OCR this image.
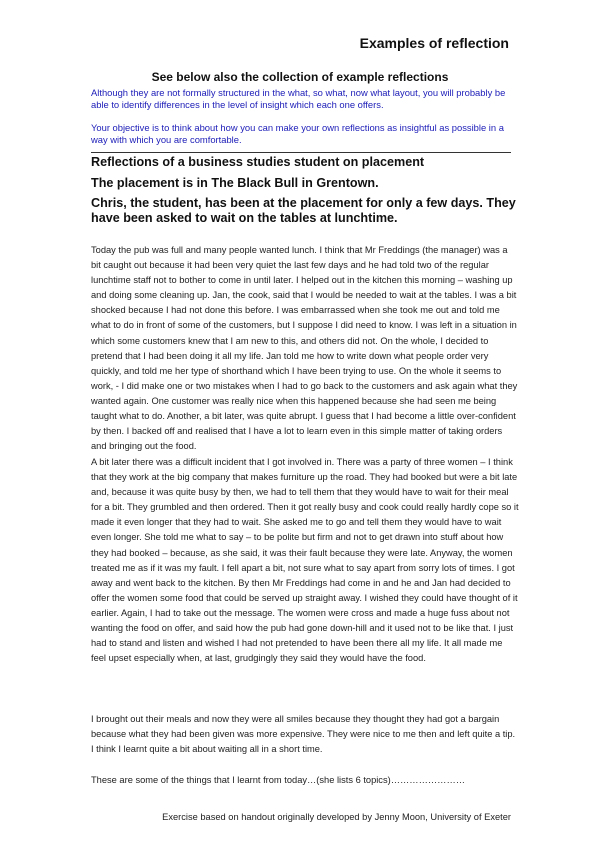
Examples of reflection
See below also the collection of example reflections

Although they are not formally structured in the what, so what, now what layout, you will probably be able to identify differences in the level of insight which each one offers.

Your objective is to think about how you can make your own reflections as insightful as possible in a way with which you are comfortable.

Reflections of a business studies student on placement

The placement is in The Black Bull in Grentown.

Chris, the student, has been at the placement for only a few days. They have been asked to wait on the tables at lunchtime.

Today the pub was full and many people wanted lunch. I think that Mr Freddings (the manager) was a bit caught out because it had been very quiet the last few days and he had told two of the regular lunchtime staff not to bother to come in until later. I helped out in the kitchen this morning – washing up and doing some cleaning up. Jan, the cook, said that I would be needed to wait at the tables. I was a bit shocked because I had not done this before. I was embarrassed when she took me out and told me what to do in front of some of the customers, but I suppose I did need to know. I was left in a situation in which some customers knew that I am new to this, and others did not. On the whole, I decided to pretend that I had been doing it all my life. Jan told me how to write down what people order very quickly, and told me her type of shorthand which I have been trying to use. On the whole it seems to work, - I did make one or two mistakes when I had to go back to the customers and ask again what they wanted again. One customer was really nice when this happened because she had seen me being taught what to do. Another, a bit later, was quite abrupt. I guess that I had become a little over-confident by then. I backed off and realised that I have a lot to learn even in this simple matter of taking orders and bringing out the food.

A bit later there was a difficult incident that I got involved in. There was a party of three women – I think that they work at the big company that makes furniture up the road. They had booked but were a bit late and, because it was quite busy by then, we had to tell them that they would have to wait for their meal for a bit. They grumbled and then ordered. Then it got really busy and cook could really hardly cope so it made it even longer that they had to wait. She asked me to go and tell them they would have to wait even longer. She told me what to say – to be polite but firm and not to get drawn into stuff about how they had booked – because, as she said, it was their fault because they were late. Anyway, the women treated me as if it was my fault. I fell apart a bit, not sure what to say apart from sorry lots of times. I got away and went back to the kitchen. By then Mr Freddings had come in and he and Jan had decided to offer the women some food that could be served up straight away. I wished they could have thought of it earlier. Again, I had to take out the message. The women were cross and made a huge fuss about not wanting the food on offer, and said how the pub had gone down-hill and it used not to be like that. I just had to stand and listen and wished I had not pretended to have been there all my life. It all made me feel upset especially when, at last, grudgingly they said they would have the food.

I brought out their meals and now they were all smiles because they thought they had got a bargain because what they had been given was more expensive. They were nice to me then and left quite a tip. I think I learnt quite a bit about waiting all in a short time.

These are some of the things that I learnt from today…(she lists 6 topics)……………………

Exercise based on handout originally developed by Jenny Moon, University of Exeter
